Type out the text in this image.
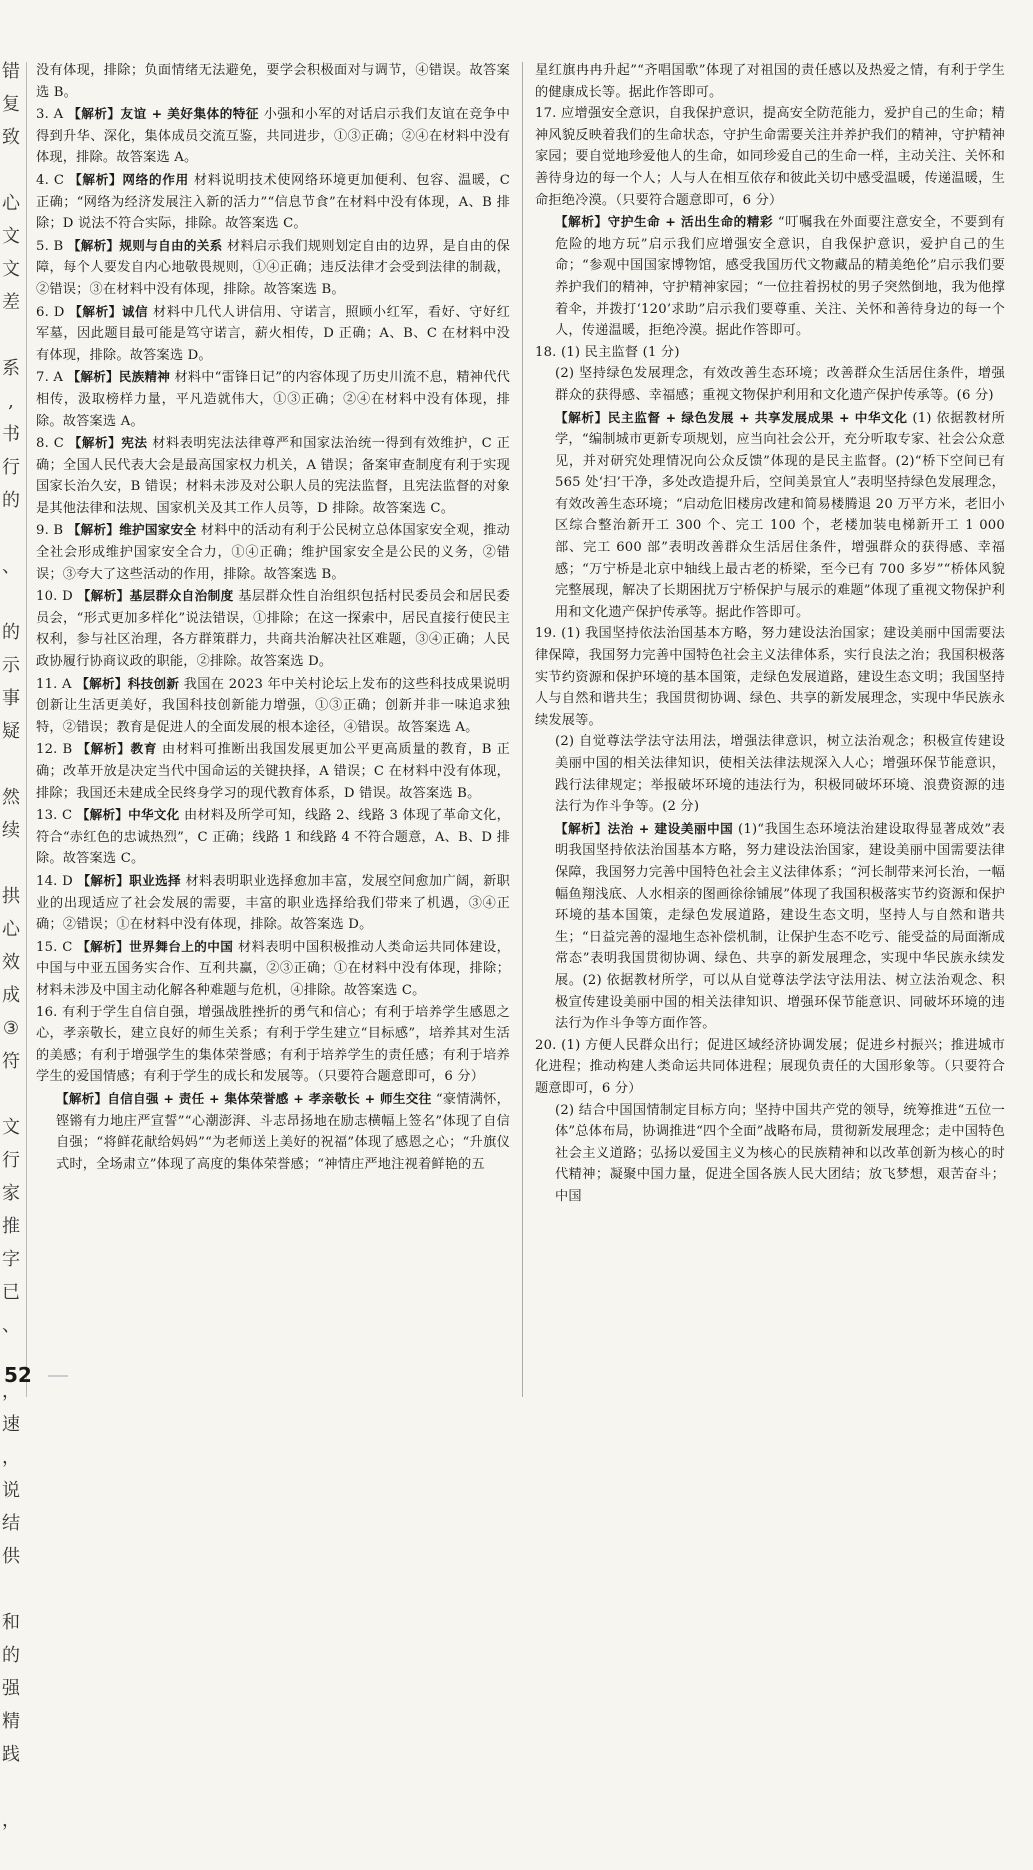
错
复
致

心
文
文
差

系
,
书
行
的

、

的
示
事
疑

然
续

拱
心
效
成
③
符

文
行
家
推
字
已
、

，
速
，
说
结
供

和
的
强
精
践

，

没有体现，排除；负面情绪无法避免，要学会积极面对与调节，④错误。故答案选 B。

3. A 【解析】友谊 + 美好集体的特征 小强和小军的对话启示我们友谊在竞争中得到升华、深化，集体成员交流互鉴，共同进步，①③正确；②④在材料中没有体现，排除。故答案选 A。

4. C 【解析】网络的作用 材料说明技术使网络环境更加便利、包容、温暖，C 正确；“网络为经济发展注入新的活力”“信息节食”在材料中没有体现，A、B 排除；D 说法不符合实际，排除。故答案选 C。

5. B 【解析】规则与自由的关系 材料启示我们规则划定自由的边界，是自由的保障，每个人要发自内心地敬畏规则，①④正确；违反法律才会受到法律的制裁，②错误；③在材料中没有体现，排除。故答案选 B。

6. D 【解析】诚信 材料中几代人讲信用、守诺言，照顾小红军，看好、守好红军墓，因此题目最可能是笃守诺言，薪火相传，D 正确；A、B、C 在材料中没有体现，排除。故答案选 D。

7. A 【解析】民族精神 材料中“雷锋日记”的内容体现了历史川流不息，精神代代相传，汲取榜样力量，平凡造就伟大，①③正确；②④在材料中没有体现，排除。故答案选 A。

8. C 【解析】宪法 材料表明宪法法律尊严和国家法治统一得到有效维护，C 正确；全国人民代表大会是最高国家权力机关，A 错误；备案审查制度有利于实现国家长治久安，B 错误；材料未涉及对公职人员的宪法监督，且宪法监督的对象是其他法律和法规、国家机关及其工作人员等，D 排除。故答案选 C。

9. B 【解析】维护国家安全 材料中的活动有利于公民树立总体国家安全观，推动全社会形成维护国家安全合力，①④正确；维护国家安全是公民的义务，②错误；③夸大了这些活动的作用，排除。故答案选 B。

10. D 【解析】基层群众自治制度 基层群众性自治组织包括村民委员会和居民委员会，“形式更加多样化”说法错误，①排除；在这一探索中，居民直接行使民主权利，参与社区治理，各方群策群力，共商共治解决社区难题，③④正确；人民政协履行协商议政的职能，②排除。故答案选 D。

11. A 【解析】科技创新 我国在 2023 年中关村论坛上发布的这些科技成果说明创新让生活更美好，我国科技创新能力增强，①③正确；创新并非一味追求独特，②错误；教育是促进人的全面发展的根本途径，④错误。故答案选 A。

12. B 【解析】教育 由材料可推断出我国发展更加公平更高质量的教育，B 正确；改革开放是决定当代中国命运的关键抉择，A 错误；C 在材料中没有体现，排除；我国还未建成全民终身学习的现代教育体系，D 错误。故答案选 B。

13. C 【解析】中华文化 由材料及所学可知，线路 2、线路 3 体现了革命文化，符合“赤红色的忠诚热烈”，C 正确；线路 1 和线路 4 不符合题意，A、B、D 排除。故答案选 C。

14. D 【解析】职业选择 材料表明职业选择愈加丰富，发展空间愈加广阔，新职业的出现适应了社会发展的需要，丰富的职业选择给我们带来了机遇，③④正确；②错误；①在材料中没有体现，排除。故答案选 D。

15. C 【解析】世界舞台上的中国 材料表明中国积极推动人类命运共同体建设，中国与中亚五国务实合作、互利共赢，②③正确；①在材料中没有体现，排除；材料未涉及中国主动化解各种难题与危机，④排除。故答案选 C。

16. 有利于学生自信自强，增强战胜挫折的勇气和信心；有利于培养学生感恩之心，孝亲敬长，建立良好的师生关系；有利于学生建立“目标感”，培养其对生活的美感；有利于增强学生的集体荣誉感；有利于培养学生的责任感；有利于培养学生的爱国情感；有利于学生的成长和发展等。（只要符合题意即可，6 分）

【解析】自信自强 + 责任 + 集体荣誉感 + 孝亲敬长 + 师生交往 “豪情满怀，铿锵有力地庄严宣誓”“心潮澎湃、斗志昂扬地在励志横幅上签名”体现了自信自强；“将鲜花献给妈妈”“为老师送上美好的祝福”体现了感恩之心；“升旗仪式时，全场肃立”体现了高度的集体荣誉感；“神情庄严地注视着鲜艳的五

星红旗冉冉升起”“齐唱国歌”体现了对祖国的责任感以及热爱之情，有利于学生的健康成长等。据此作答即可。

17. 应增强安全意识，自我保护意识，提高安全防范能力，爱护自己的生命；精神风貌反映着我们的生命状态，守护生命需要关注并养护我们的精神，守护精神家园；要自觉地珍爱他人的生命，如同珍爱自己的生命一样，主动关注、关怀和善待身边的每一个人；人与人在相互依存和彼此关切中感受温暖，传递温暖，生命拒绝冷漠。（只要符合题意即可，6 分）

【解析】守护生命 + 活出生命的精彩 “叮嘱我在外面要注意安全，不要到有危险的地方玩”启示我们应增强安全意识，自我保护意识，爱护自己的生命；“参观中国国家博物馆，感受我国历代文物藏品的精美绝伦”启示我们要养护我们的精神，守护精神家园；“一位拄着拐杖的男子突然倒地，我为他撑着伞，并拨打‘120’求助”启示我们要尊重、关注、关怀和善待身边的每一个人，传递温暖，拒绝冷漠。据此作答即可。

18. (1) 民主监督 (1 分)

(2) 坚持绿色发展理念，有效改善生态环境；改善群众生活居住条件，增强群众的获得感、幸福感；重视文物保护利用和文化遗产保护传承等。(6 分)

【解析】民主监督 + 绿色发展 + 共享发展成果 + 中华文化 (1) 依据教材所学，“编制城市更新专项规划，应当向社会公开，充分听取专家、社会公众意见，并对研究处理情况向公众反馈”体现的是民主监督。(2)“桥下空间已有 565 处‘扫’干净，多处改造提升后，空间美景宜人”表明坚持绿色发展理念，有效改善生态环境；“启动危旧楼房改建和简易楼腾退 20 万平方米，老旧小区综合整治新开工 300 个、完工 100 个，老楼加装电梯新开工 1 000 部、完工 600 部”表明改善群众生活居住条件，增强群众的获得感、幸福感；“万宁桥是北京中轴线上最古老的桥梁，至今已有 700 多岁”“桥体风貌完整展现，解决了长期困扰万宁桥保护与展示的难题”体现了重视文物保护利用和文化遗产保护传承等。据此作答即可。

19. (1) 我国坚持依法治国基本方略，努力建设法治国家；建设美丽中国需要法律保障，我国努力完善中国特色社会主义法律体系，实行良法之治；我国积极落实节约资源和保护环境的基本国策，走绿色发展道路，建设生态文明；我国坚持人与自然和谐共生；我国贯彻协调、绿色、共享的新发展理念，实现中华民族永续发展等。

(2) 自觉尊法学法守法用法，增强法律意识，树立法治观念；积极宣传建设美丽中国的相关法律知识，使相关法律法规深入人心；增强环保节能意识，践行法律规定；举报破坏环境的违法行为，积极同破坏环境、浪费资源的违法行为作斗争等。(2 分)

【解析】法治 + 建设美丽中国 (1)“我国生态环境法治建设取得显著成效”表明我国坚持依法治国基本方略，努力建设法治国家，建设美丽中国需要法律保障，我国努力完善中国特色社会主义法律体系；“河长制带来河长治，一幅幅鱼翔浅底、人水相亲的图画徐徐铺展”体现了我国积极落实节约资源和保护环境的基本国策，走绿色发展道路，建设生态文明，坚持人与自然和谐共生；“日益完善的湿地生态补偿机制，让保护生态不吃亏、能受益的局面渐成常态”表明我国贯彻协调、绿色、共享的新发展理念，实现中华民族永续发展。(2) 依据教材所学，可以从自觉尊法学法守法用法、树立法治观念、积极宣传建设美丽中国的相关法律知识、增强环保节能意识、同破坏环境的违法行为作斗争等方面作答。

20. (1) 方便人民群众出行；促进区域经济协调发展；促进乡村振兴；推进城市化进程；推动构建人类命运共同体进程；展现负责任的大国形象等。（只要符合题意即可，6 分）

(2) 结合中国国情制定目标方向；坚持中国共产党的领导，统筹推进“五位一体”总体布局，协调推进“四个全面”战略布局，贯彻新发展理念；走中国特色社会主义道路；弘扬以爱国主义为核心的民族精神和以改革创新为核心的时代精神；凝聚中国力量，促进全国各族人民大团结；放飞梦想，艰苦奋斗；中国

52
